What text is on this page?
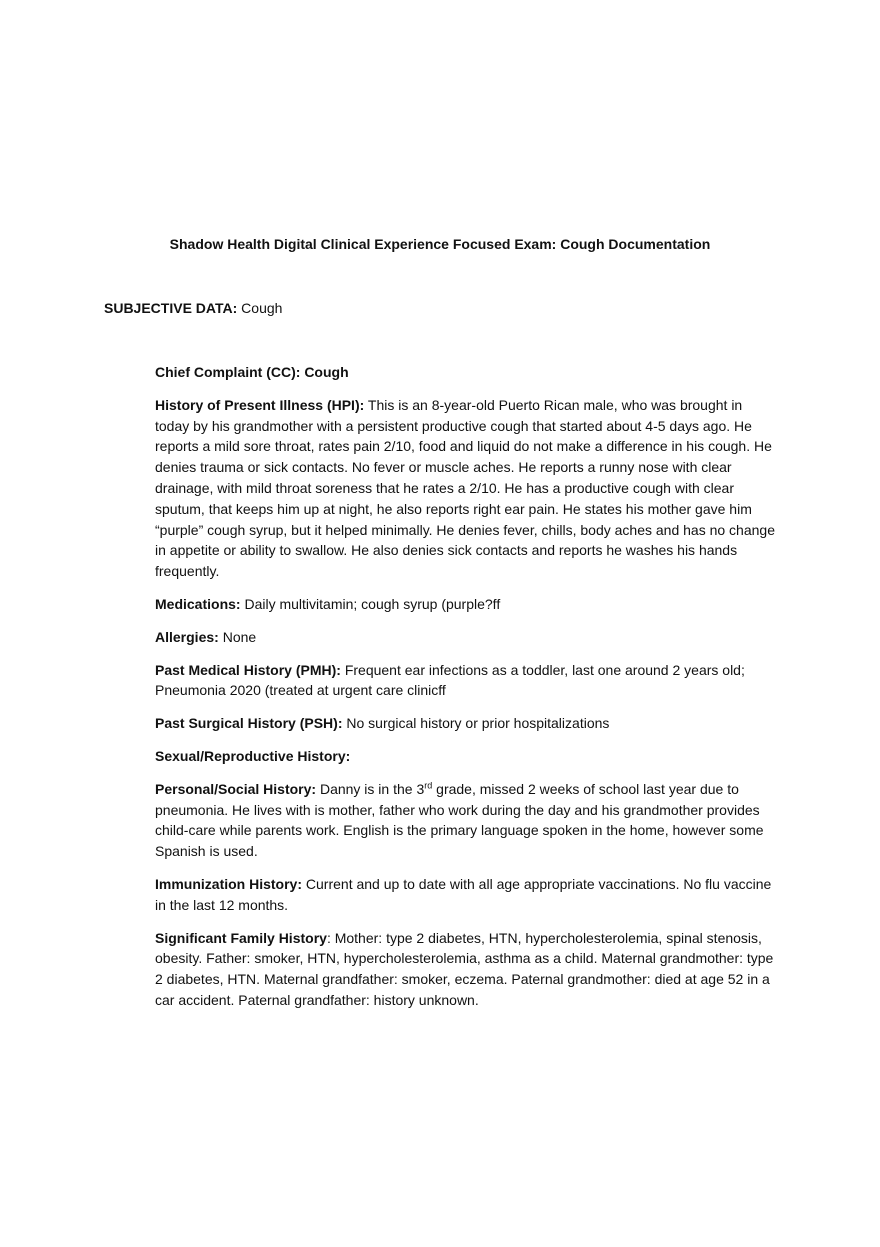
Shadow Health Digital Clinical Experience Focused Exam: Cough Documentation
SUBJECTIVE DATA: Cough

Chief Complaint (CC): Cough

History of Present Illness (HPI): This is an 8-year-old Puerto Rican male, who was brought in today by his grandmother with a persistent productive cough that started about 4-5 days ago. He reports a mild sore throat, rates pain 2/10, food and liquid do not make a difference in his cough. He denies trauma or sick contacts. No fever or muscle aches. He reports a runny nose with clear drainage, with mild throat soreness that he rates a 2/10. He has a productive cough with clear sputum, that keeps him up at night, he also reports right ear pain. He states his mother gave him “purple” cough syrup, but it helped minimally. He denies fever, chills, body aches and has no change in appetite or ability to swallow. He also denies sick contacts and reports he washes his hands frequently.

Medications: Daily multivitamin; cough syrup (purple?ff

Allergies: None

Past Medical History (PMH): Frequent ear infections as a toddler, last one around 2 years old; Pneumonia 2020 (treated at urgent care clinicff

Past Surgical History (PSH): No surgical history or prior hospitalizations

Sexual/Reproductive History:

Personal/Social History: Danny is in the 3rd grade, missed 2 weeks of school last year due to pneumonia. He lives with is mother, father who work during the day and his grandmother provides child-care while parents work. English is the primary language spoken in the home, however some Spanish is used.

Immunization History: Current and up to date with all age appropriate vaccinations. No flu vaccine in the last 12 months.

Significant Family History: Mother: type 2 diabetes, HTN, hypercholesterolemia, spinal stenosis, obesity. Father: smoker, HTN, hypercholesterolemia, asthma as a child. Maternal grandmother: type 2 diabetes, HTN. Maternal grandfather: smoker, eczema. Paternal grandmother: died at age 52 in a car accident. Paternal grandfather: history unknown.
